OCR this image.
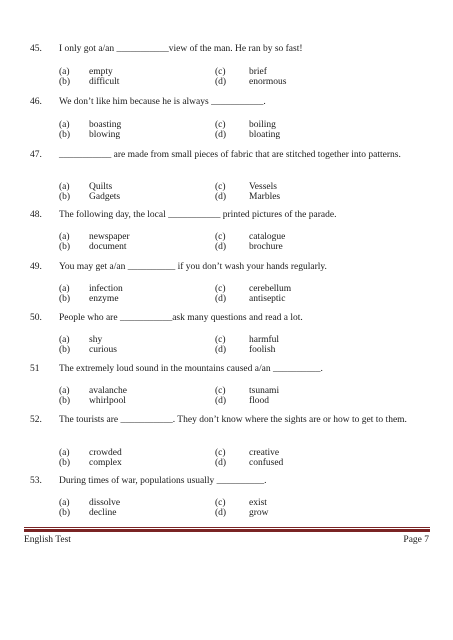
45. I only got a/an ___________view of the man. He ran by so fast!
(a)	empty
(b)	difficult
(c)	brief
(d)	enormous
46. We don’t like him because he is always ___________.
(a)	boasting
(b)	blowing
(c)	boiling
(d)	bloating
47. ___________ are made from small pieces of fabric that are stitched together into patterns.
(a)	Quilts
(b)	Gadgets
(c)	Vessels
(d)	Marbles
48. The following day, the local ___________ printed pictures of the parade.
(a)	newspaper
(b)	document
(c)	catalogue
(d)	brochure
49. You may get a/an __________ if you don’t wash your hands regularly.
(a)	infection
(b)	enzyme
(c)	cerebellum
(d)	antiseptic
50. People who are ___________ask many questions and read a lot.
(a)	shy
(b)	curious
(c)	harmful
(d)	foolish
51 The extremely loud sound in the mountains caused a/an __________.
(a)	avalanche
(b)	whirlpool
(c)	tsunami
(d)	flood
52. The tourists are ___________. They don’t know where the sights are or how to get to them.
(a)	crowded
(b)	complex
(c)	creative
(d)	confused
53. During times of war, populations usually __________.
(a)	dissolve
(b)	decline
(c)	exist
(d)	grow
English Test	Page 7
